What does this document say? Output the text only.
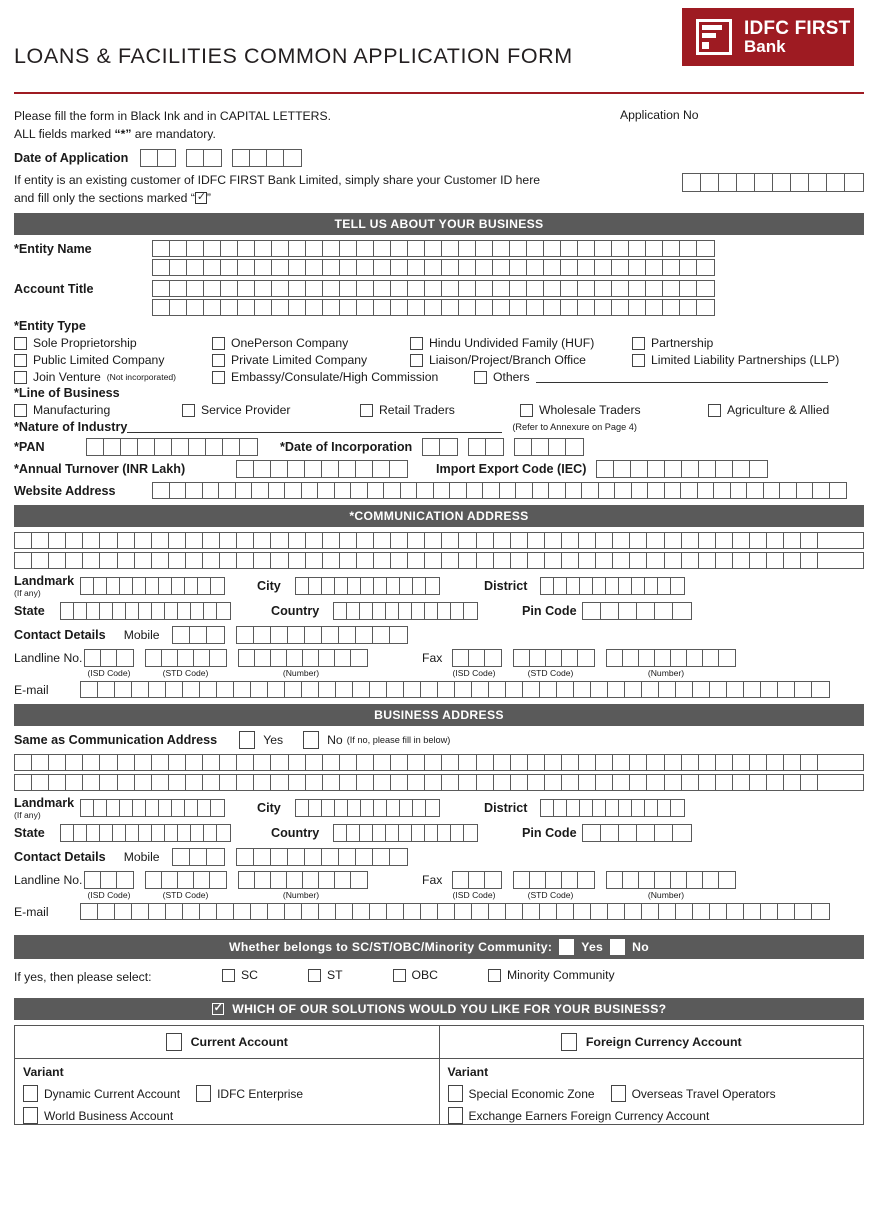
LOANS & FACILITIES COMMON APPLICATION FORM
IDFC FIRST
Bank
Please fill the form in Black Ink and in CAPITAL LETTERS.
ALL fields marked “*” are mandatory.
Application No
Date of Application
If entity is an existing customer of IDFC FIRST Bank Limited, simply share your Customer ID here
and fill only the sections marked “ ✓ ”
TELL US ABOUT YOUR BUSINESS
*Entity Name
Account Title
*Entity Type
Sole Proprietorship	OnePerson Company	Hindu Undivided Family (HUF)	Partnership
Public Limited Company	Private Limited Company	Liaison/Project/Branch Office	Limited Liability Partnerships (LLP)
Join Venture (Not incorporated)	Embassy/Consulate/High Commission	Others
*Line of Business
Manufacturing	Service Provider	Retail Traders	Wholesale Traders	Agriculture & Allied
*Nature of Industry	(Refer to Annexure on Page 4)
*PAN	*Date of Incorporation
*Annual Turnover (INR Lakh)	Import Export Code (IEC)
Website Address
*COMMUNICATION ADDRESS
Landmark
(If any)	City	District
State	Country	Pin Code
Contact Details Mobile
Landline No.	Fax
(ISD Code)	(STD Code)	(Number)	(ISD Code)	(STD Code)	(Number)
E-mail
BUSINESS ADDRESS
Same as Communication Address	Yes	No (If no, please fill in below)
Landmark
(If any)	City	District
State	Country	Pin Code
Contact Details Mobile
Landline No.	Fax
(ISD Code)	(STD Code)	(Number)	(ISD Code)	(STD Code)	(Number)
E-mail
Whether belongs to SC/ST/OBC/Minority Community: Yes No
If yes, then please select:	SC	ST	OBC	Minority Community
✓ WHICH OF OUR SOLUTIONS WOULD YOU LIKE FOR YOUR BUSINESS?
Current Account
Variant
Dynamic Current Account	IDFC Enterprise
World Business Account
Foreign Currency Account
Variant
Special Economic Zone	Overseas Travel Operators
Exchange Earners Foreign Currency Account
